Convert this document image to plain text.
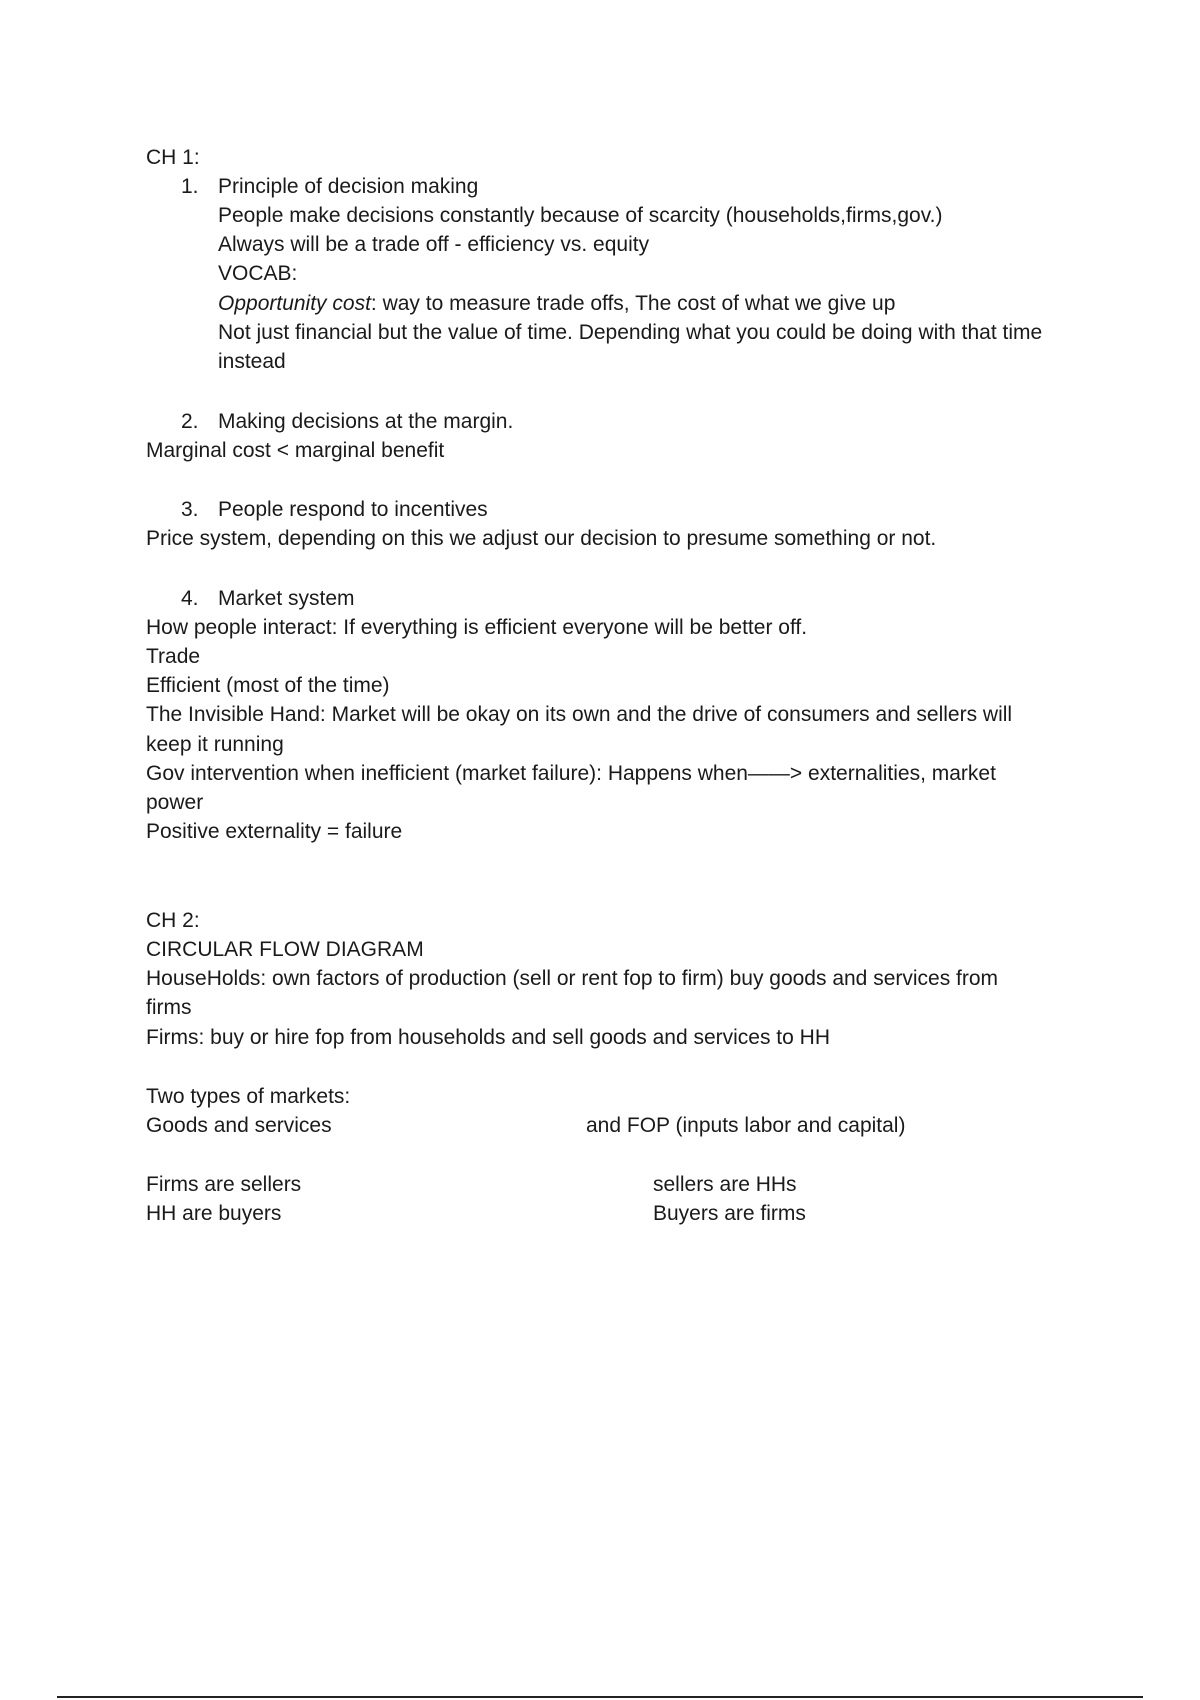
CH 1:
1. Principle of decision making
People make decisions constantly because of scarcity (households,firms,gov.)
Always will be a trade off - efficiency vs. equity
VOCAB:
Opportunity cost: way to measure trade offs, The cost of what we give up
Not just financial but the value of time. Depending what you could be doing with that time
instead
2. Making decisions at the margin.
Marginal cost < marginal benefit
3. People respond to incentives
Price system, depending on this we adjust our decision to presume something or not.
4. Market system
How people interact: If everything is efficient everyone will be better off.
Trade
Efficient (most of the time)
The Invisible Hand: Market will be okay on its own and the drive of consumers and sellers will
keep it running
Gov intervention when inefficient (market failure): Happens when——> externalities, market
power
Positive externality = failure
CH 2:
CIRCULAR FLOW DIAGRAM
HouseHolds: own factors of production (sell or rent fop to firm) buy goods and services from
firms
Firms: buy or hire fop from households and sell goods and services to HH
Two types of markets:
Goods and services	and FOP (inputs labor and capital)
Firms are sellers	sellers are HHs
HH are buyers	Buyers are firms
